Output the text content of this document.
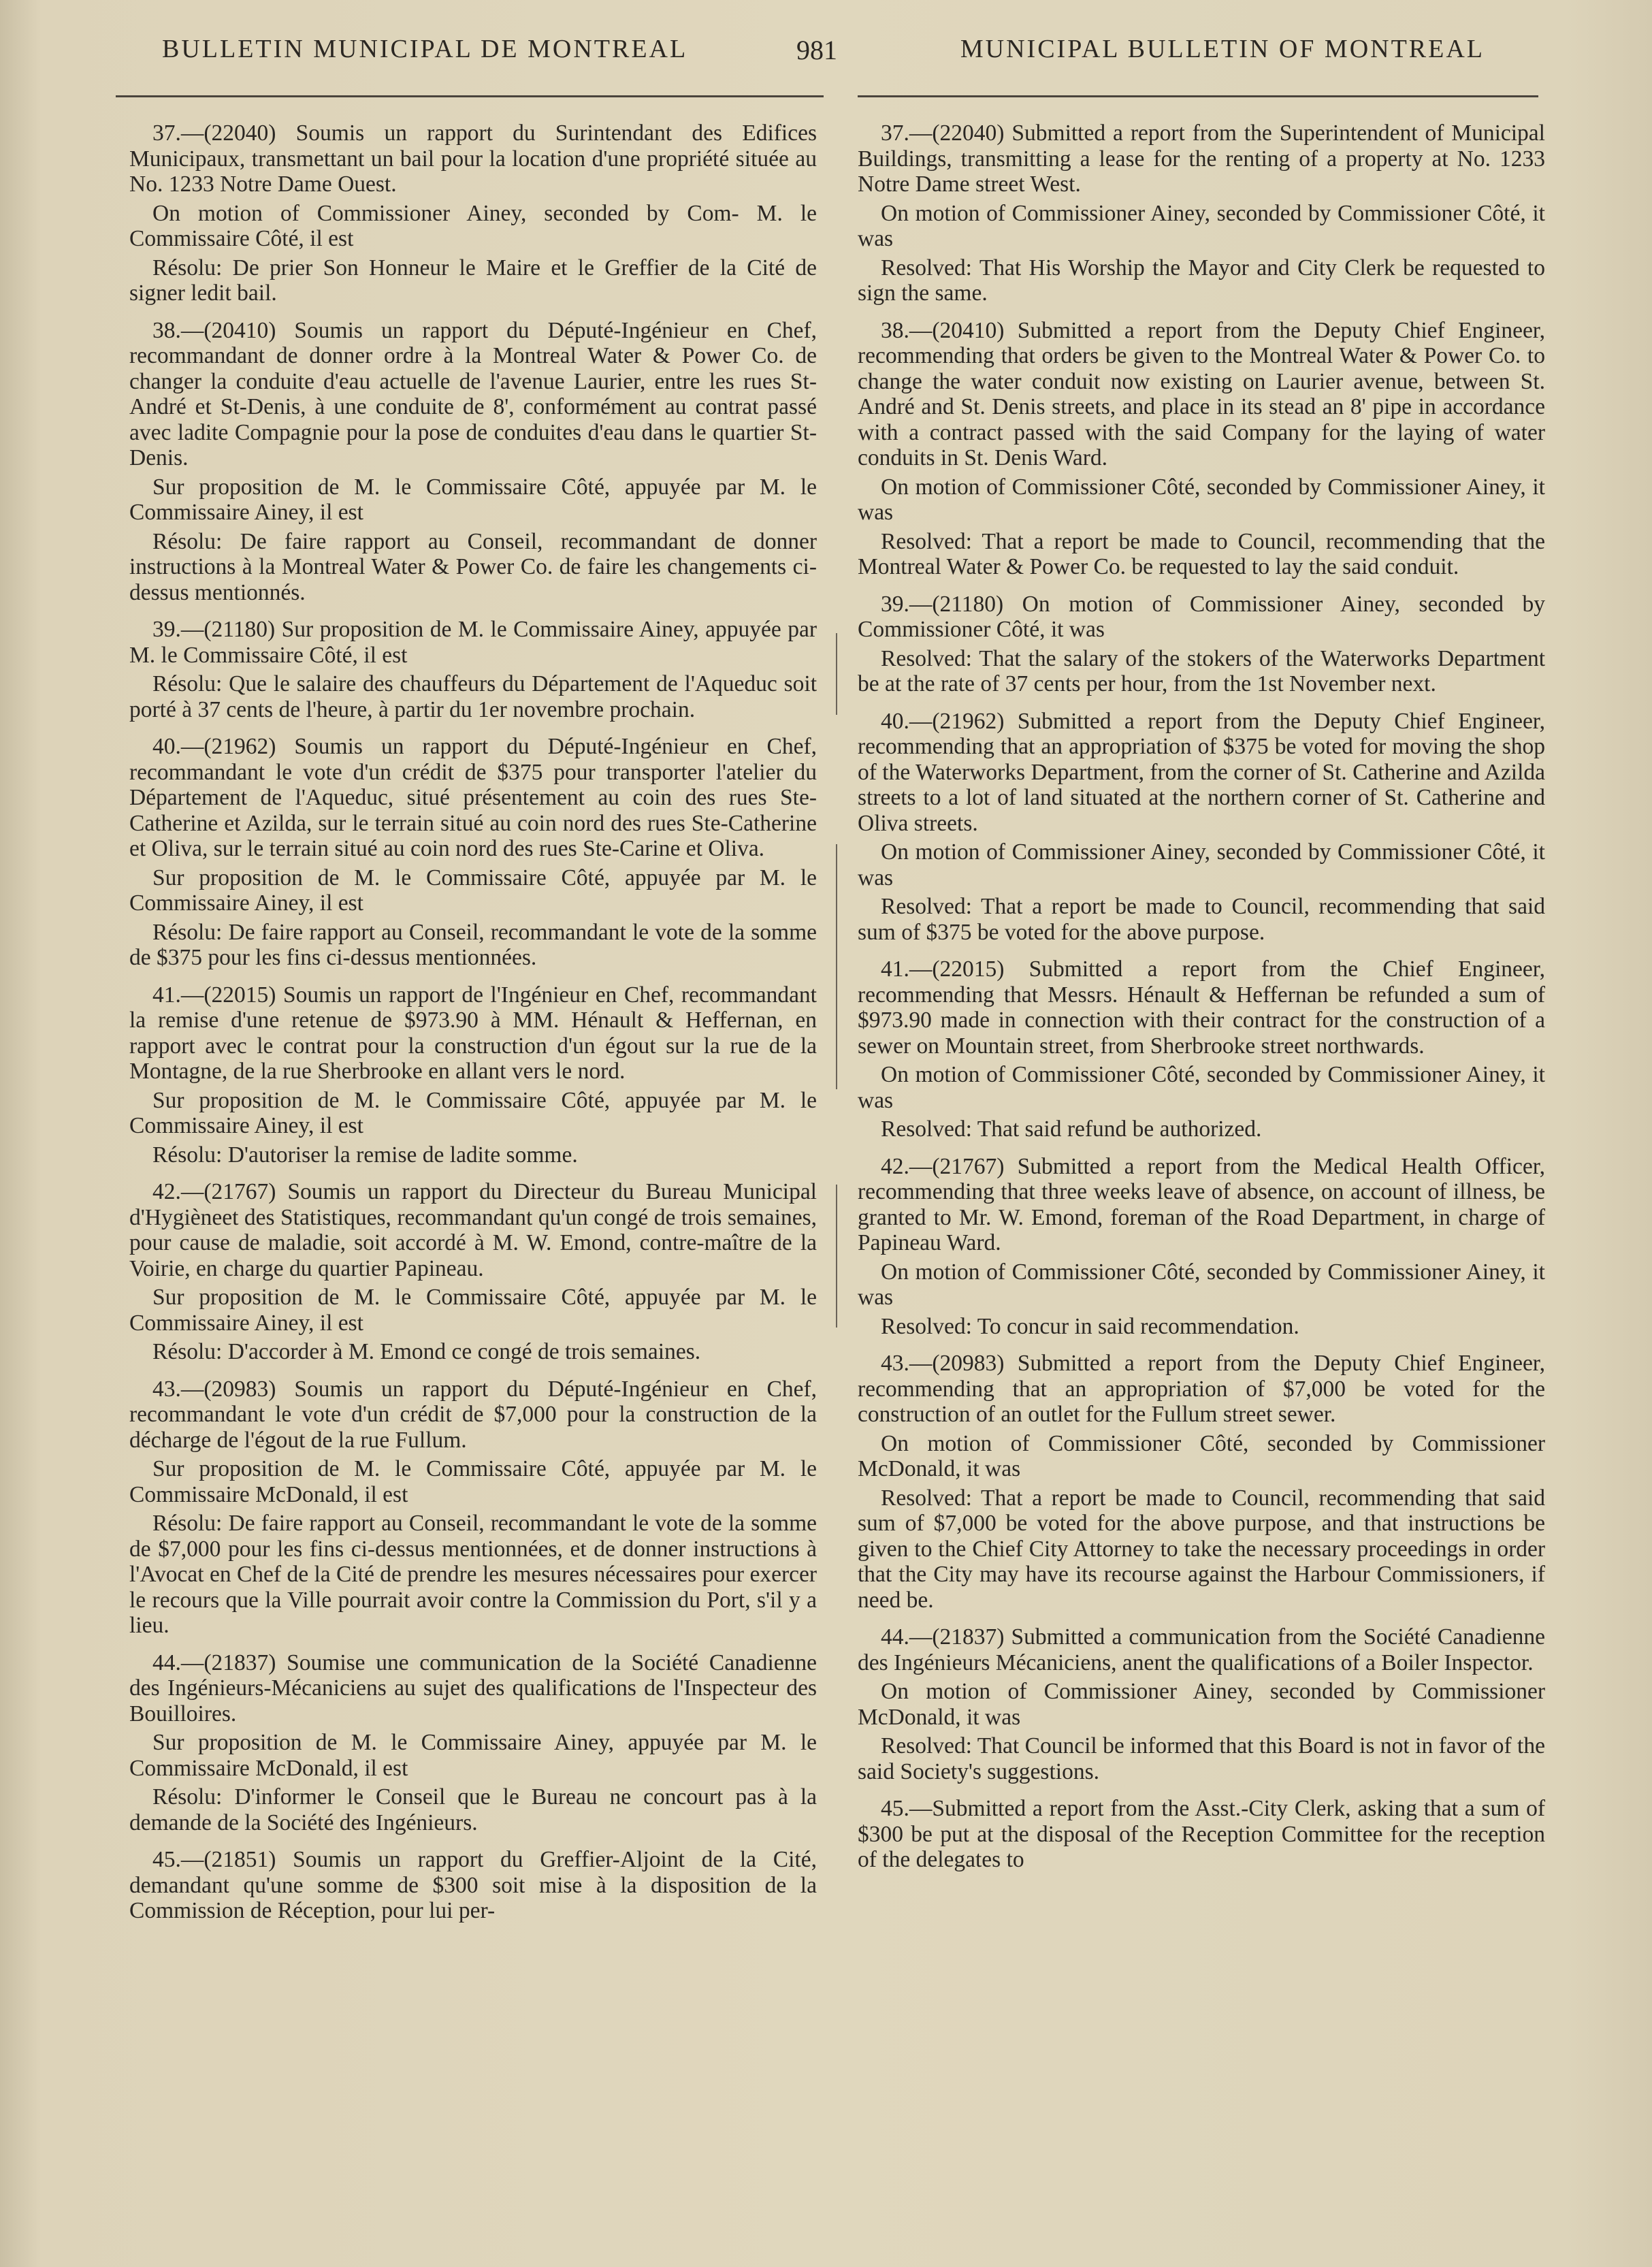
BULLETIN MUNICIPAL DE MONTREAL	981	MUNICIPAL BULLETIN OF MONTREAL

37.—(22040) Soumis un rapport du Surintendant des Edifices Municipaux, transmettant un bail pour la location d'une propriété située au No. 1233 Notre Dame Ouest.

On motion of Commissioner Ainey, seconded by Com- M. le Commissaire Côté, il est

Résolu: De prier Son Honneur le Maire et le Greffier de la Cité de signer ledit bail.

38.—(20410) Soumis un rapport du Député-Ingénieur en Chef, recommandant de donner ordre à la Montreal Water & Power Co. de changer la conduite d'eau actuelle de l'avenue Laurier, entre les rues St-André et St-Denis, à une conduite de 8', conformément au contrat passé avec ladite Compagnie pour la pose de conduites d'eau dans le quartier St-Denis.

Sur proposition de M. le Commissaire Côté, appuyée par M. le Commissaire Ainey, il est

Résolu: De faire rapport au Conseil, recommandant de donner instructions à la Montreal Water & Power Co. de faire les changements ci-dessus mentionnés.

39.—(21180) Sur proposition de M. le Commissaire Ainey, appuyée par M. le Commissaire Côté, il est

Résolu: Que le salaire des chauffeurs du Département de l'Aqueduc soit porté à 37 cents de l'heure, à partir du 1er novembre prochain.

40.—(21962) Soumis un rapport du Député-Ingénieur en Chef, recommandant le vote d'un crédit de $375 pour transporter l'atelier du Département de l'Aqueduc, situé présentement au coin des rues Ste-Catherine et Azilda, sur le terrain situé au coin nord des rues Ste-Catherine et Oliva, sur le terrain situé au coin nord des rues Ste-Carine et Oliva.

Sur proposition de M. le Commissaire Côté, appuyée par M. le Commissaire Ainey, il est

Résolu: De faire rapport au Conseil, recommandant le vote de la somme de $375 pour les fins ci-dessus mentionnées.

41.—(22015) Soumis un rapport de l'Ingénieur en Chef, recommandant la remise d'une retenue de $973.90 à MM. Hénault & Heffernan, en rapport avec le contrat pour la construction d'un égout sur la rue de la Montagne, de la rue Sherbrooke en allant vers le nord.

Sur proposition de M. le Commissaire Côté, appuyée par M. le Commissaire Ainey, il est

Résolu: D'autoriser la remise de ladite somme.

42.—(21767) Soumis un rapport du Directeur du Bureau Municipal d'Hygièneet des Statistiques, recommandant qu'un congé de trois semaines, pour cause de maladie, soit accordé à M. W. Emond, contre-maître de la Voirie, en charge du quartier Papineau.

Sur proposition de M. le Commissaire Côté, appuyée par M. le Commissaire Ainey, il est

Résolu: D'accorder à M. Emond ce congé de trois semaines.

43.—(20983) Soumis un rapport du Député-Ingénieur en Chef, recommandant le vote d'un crédit de $7,000 pour la construction de la décharge de l'égout de la rue Fullum.

Sur proposition de M. le Commissaire Côté, appuyée par M. le Commissaire McDonald, il est

Résolu: De faire rapport au Conseil, recommandant le vote de la somme de $7,000 pour les fins ci-dessus mentionnées, et de donner instructions à l'Avocat en Chef de la Cité de prendre les mesures nécessaires pour exercer le recours que la Ville pourrait avoir contre la Commission du Port, s'il y a lieu.

44.—(21837) Soumise une communication de la Société Canadienne des Ingénieurs-Mécaniciens au sujet des qualifications de l'Inspecteur des Bouilloires.

Sur proposition de M. le Commissaire Ainey, appuyée par M. le Commissaire McDonald, il est

Résolu: D'informer le Conseil que le Bureau ne concourt pas à la demande de la Société des Ingénieurs.

45.—(21851) Soumis un rapport du Greffier-Aljoint de la Cité, demandant qu'une somme de $300 soit mise à la disposition de la Commission de Réception, pour lui per-

37.—(22040) Submitted a report from the Superintendent of Municipal Buildings, transmitting a lease for the renting of a property at No. 1233 Notre Dame street West.

On motion of Commissioner Ainey, seconded by Commissioner Côté, it was

Resolved: That His Worship the Mayor and City Clerk be requested to sign the same.

38.—(20410) Submitted a report from the Deputy Chief Engineer, recommending that orders be given to the Montreal Water & Power Co. to change the water conduit now existing on Laurier avenue, between St. André and St. Denis streets, and place in its stead an 8' pipe in accordance with a contract passed with the said Company for the laying of water conduits in St. Denis Ward.

On motion of Commissioner Côté, seconded by Commissioner Ainey, it was

Resolved: That a report be made to Council, recommending that the Montreal Water & Power Co. be requested to lay the said conduit.

39.—(21180) On motion of Commissioner Ainey, seconded by Commissioner Côté, it was

Resolved: That the salary of the stokers of the Waterworks Department be at the rate of 37 cents per hour, from the 1st November next.

40.—(21962) Submitted a report from the Deputy Chief Engineer, recommending that an appropriation of $375 be voted for moving the shop of the Waterworks Department, from the corner of St. Catherine and Azilda streets to a lot of land situated at the northern corner of St. Catherine and Oliva streets.

On motion of Commissioner Ainey, seconded by Commissioner Côté, it was

Resolved: That a report be made to Council, recommending that said sum of $375 be voted for the above purpose.

41.—(22015) Submitted a report from the Chief Engineer, recommending that Messrs. Hénault & Heffernan be refunded a sum of $973.90 made in connection with their contract for the construction of a sewer on Mountain street, from Sherbrooke street northwards.

On motion of Commissioner Côté, seconded by Commissioner Ainey, it was

Resolved: That said refund be authorized.

42.—(21767) Submitted a report from the Medical Health Officer, recommending that three weeks leave of absence, on account of illness, be granted to Mr. W. Emond, foreman of the Road Department, in charge of Papineau Ward.

On motion of Commissioner Côté, seconded by Commissioner Ainey, it was

Resolved: To concur in said recommendation.

43.—(20983) Submitted a report from the Deputy Chief Engineer, recommending that an appropriation of $7,000 be voted for the construction of an outlet for the Fullum street sewer.

On motion of Commissioner Côté, seconded by Commissioner McDonald, it was

Resolved: That a report be made to Council, recommending that said sum of $7,000 be voted for the above purpose, and that instructions be given to the Chief City Attorney to take the necessary proceedings in order that the City may have its recourse against the Harbour Commissioners, if need be.

44.—(21837) Submitted a communication from the Société Canadienne des Ingénieurs Mécaniciens, anent the qualifications of a Boiler Inspector.

On motion of Commissioner Ainey, seconded by Commissioner McDonald, it was

Resolved: That Council be informed that this Board is not in favor of the said Society's suggestions.

45.—Submitted a report from the Asst.-City Clerk, asking that a sum of $300 be put at the disposal of the Reception Committee for the reception of the delegates to
